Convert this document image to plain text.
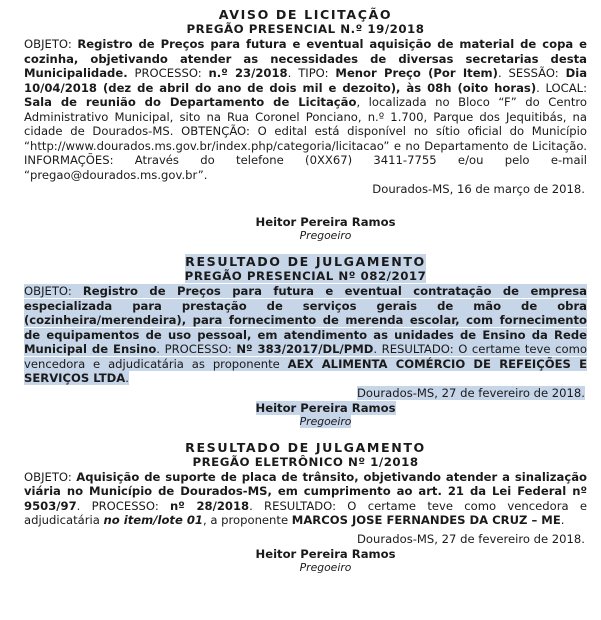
AVISO DE LICITAÇÃO

PREGÃO PRESENCIAL N.º 19/2018

OBJETO: Registro de Preços para futura e eventual aquisição de material de copa e cozinha, objetivando atender as necessidades de diversas secretarias desta Municipalidade. PROCESSO: n.º 23/2018. TIPO: Menor Preço (Por Item). SESSÃO: Dia 10/04/2018 (dez de abril do ano de dois mil e dezoito), às 08h (oito horas). LOCAL: Sala de reunião do Departamento de Licitação, localizada no Bloco “F” do Centro Administrativo Municipal, sito na Rua Coronel Ponciano, n.º 1.700, Parque dos Jequitibás, na cidade de Dourados-MS. OBTENÇÃO: O edital está disponível no sítio oficial do Município “http://www.dourados.ms.gov.br/index.php/categoria/licitacao” e no Departamento de Licitação. INFORMAÇÕES: Através do telefone (0XX67) 3411-7755 e/ou pelo e-mail “pregao@dourados.ms.gov.br”.

Dourados-MS, 16 de março de 2018.

Heitor Pereira Ramos

Pregoeiro

RESULTADO DE JULGAMENTO

PREGÃO PRESENCIAL Nº 082/2017

OBJETO: Registro de Preços para futura e eventual contratação de empresa especializada para prestação de serviços gerais de mão de obra (cozinheira/merendeira), para fornecimento de merenda escolar, com fornecimento de equipamentos de uso pessoal, em atendimento as unidades de Ensino da Rede Municipal de Ensino. PROCESSO: Nº 383/2017/DL/PMD. RESULTADO: O certame teve como vencedora e adjudicatária as proponente AEX ALIMENTA COMÉRCIO DE REFEIÇÕES E SERVIÇOS LTDA.

Dourados-MS, 27 de fevereiro de 2018.

Heitor Pereira Ramos

Pregoeiro

RESULTADO DE JULGAMENTO

PREGÃO ELETRÔNICO Nº 1/2018

OBJETO: Aquisição de suporte de placa de trânsito, objetivando atender a sinalização viária no Município de Dourados-MS, em cumprimento ao art. 21 da Lei Federal nº 9503/97. PROCESSO: nº 28/2018. RESULTADO: O certame teve como vencedora e adjudicatária no item/lote 01, a proponente MARCOS JOSE FERNANDES DA CRUZ – ME.

Dourados-MS, 27 de fevereiro de 2018.

Heitor Pereira Ramos

Pregoeiro
